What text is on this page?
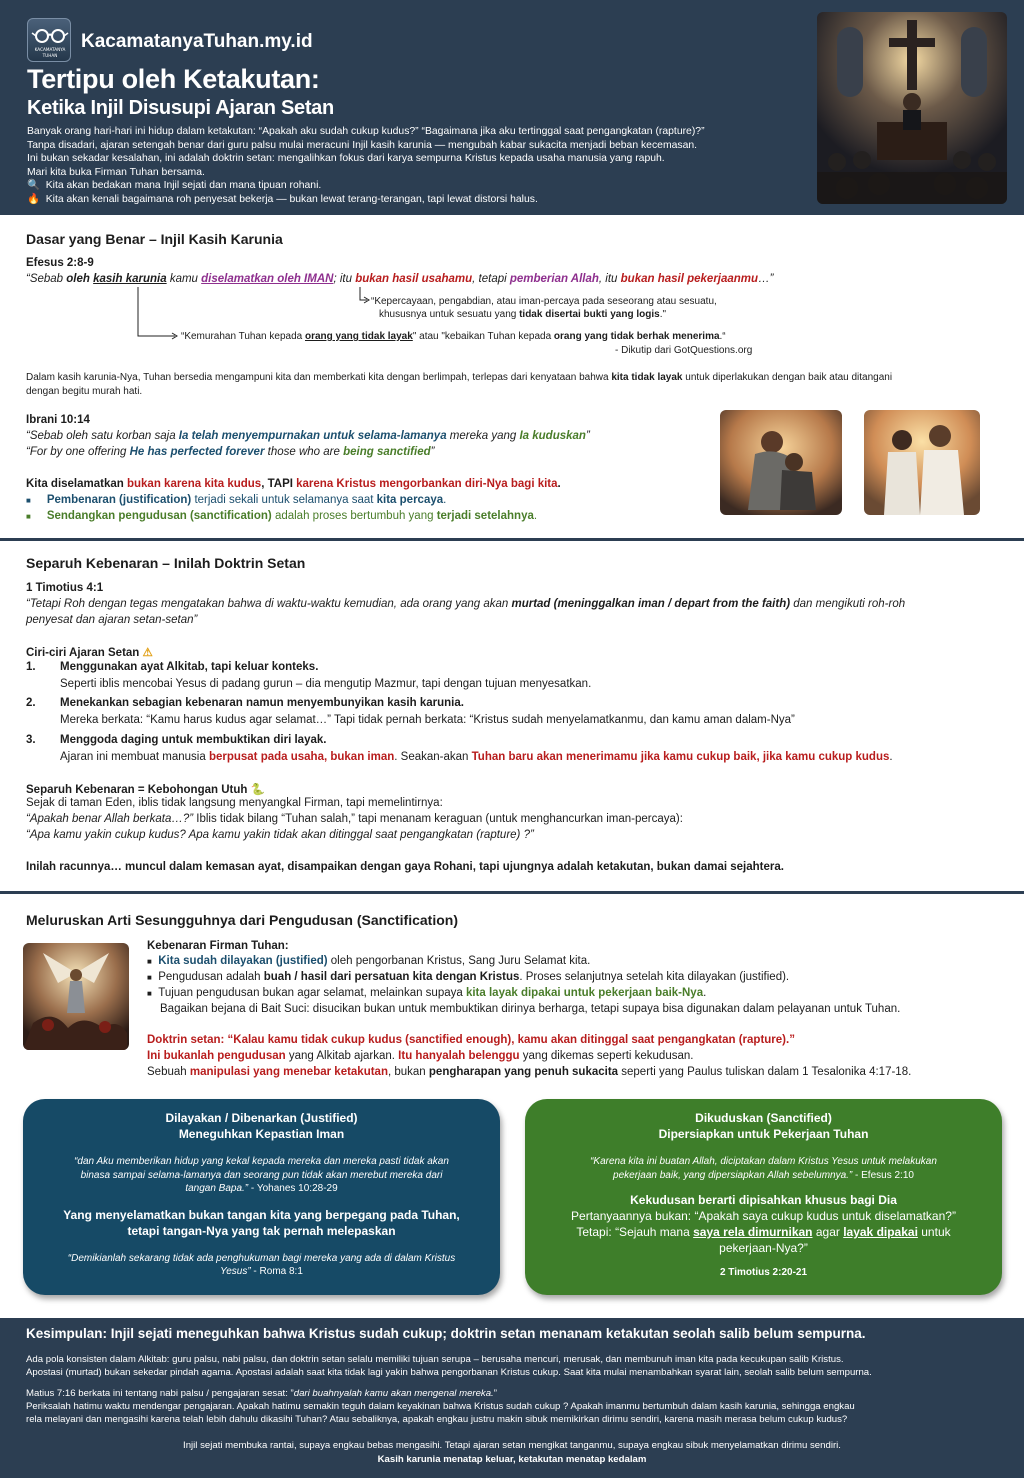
KACAMATANYA
TUHAN
KacamatanyaTuhan.my.id
Tertipu oleh Ketakutan:
Ketika Injil Disusupi Ajaran Setan
Banyak orang hari-hari ini hidup dalam ketakutan: “Apakah aku sudah cukup kudus?” “Bagaimana jika aku tertinggal saat pengangkatan (rapture)?”
Tanpa disadari, ajaran setengah benar dari guru palsu mulai meracuni Injil kasih karunia — mengubah kabar sukacita menjadi beban kecemasan.
Ini bukan sekadar kesalahan, ini adalah doktrin setan: mengalihkan fokus dari karya sempurna Kristus kepada usaha manusia yang rapuh.
Mari kita buka Firman Tuhan bersama.
🔍 Kita akan bedakan mana Injil sejati dan mana tipuan rohani.
🔥 Kita akan kenali bagaimana roh penyesat bekerja — bukan lewat terang-terangan, tapi lewat distorsi halus.
Dasar yang Benar – Injil Kasih Karunia
Efesus 2:8-9
“Sebab oleh kasih karunia kamu diselamatkan oleh IMAN; itu bukan hasil usahamu, tetapi pemberian Allah, itu bukan hasil pekerjaanmu…”
“Kepercayaan, pengabdian, atau iman-percaya pada seseorang atau sesuatu,
khususnya untuk sesuatu yang tidak disertai bukti yang logis."
“Kemurahan Tuhan kepada orang yang tidak layak" atau "kebaikan Tuhan kepada orang yang tidak berhak menerima.“
- Dikutip dari GotQuestions.org
Dalam kasih karunia-Nya, Tuhan bersedia mengampuni kita dan memberkati kita dengan berlimpah, terlepas dari kenyataan bahwa kita tidak layak untuk diperlakukan dengan baik atau ditangani
dengan begitu murah hati.
Ibrani 10:14
“Sebab oleh satu korban saja Ia telah menyempurnakan untuk selama-lamanya mereka yang Ia kuduskan”
“For by one offering He has perfected forever those who are being sanctified”
Kita diselamatkan bukan karena kita kudus, TAPI karena Kristus mengorbankan diri-Nya bagi kita.
■ Pembenaran (justification) terjadi sekali untuk selamanya saat kita percaya.
■ Sendangkan pengudusan (sanctification) adalah proses bertumbuh yang terjadi setelahnya.
Separuh Kebenaran – Inilah Doktrin Setan
1 Timotius 4:1
“Tetapi Roh dengan tegas mengatakan bahwa di waktu-waktu kemudian, ada orang yang akan murtad (meninggalkan iman / depart from the faith) dan mengikuti roh-roh
penyesat dan ajaran setan-setan”
Ciri-ciri Ajaran Setan ⚠
1. Menggunakan ayat Alkitab, tapi keluar konteks.
Seperti iblis mencobai Yesus di padang gurun – dia mengutip Mazmur, tapi dengan tujuan menyesatkan.
2. Menekankan sebagian kebenaran namun menyembunyikan kasih karunia.
Mereka berkata: “Kamu harus kudus agar selamat…” Tapi tidak pernah berkata: “Kristus sudah menyelamatkanmu, dan kamu aman dalam-Nya”
3. Menggoda daging untuk membuktikan diri layak.
Ajaran ini membuat manusia berpusat pada usaha, bukan iman. Seakan-akan Tuhan baru akan menerimamu jika kamu cukup baik, jika kamu cukup kudus.
Separuh Kebenaran = Kebohongan Utuh 🐍
Sejak di taman Eden, iblis tidak langsung menyangkal Firman, tapi memelintirnya:
“Apakah benar Allah berkata…?” Iblis tidak bilang “Tuhan salah,” tapi menanam keraguan (untuk menghancurkan iman-percaya):
“Apa kamu yakin cukup kudus? Apa kamu yakin tidak akan ditinggal saat pengangkatan (rapture) ?”
Inilah racunnya… muncul dalam kemasan ayat, disampaikan dengan gaya Rohani, tapi ujungnya adalah ketakutan, bukan damai sejahtera.
Meluruskan Arti Sesungguhnya dari Pengudusan (Sanctification)
Kebenaran Firman Tuhan:
■ Kita sudah dilayakan (justified) oleh pengorbanan Kristus, Sang Juru Selamat kita.
■ Pengudusan adalah buah / hasil dari persatuan kita dengan Kristus. Proses selanjutnya setelah kita dilayakan (justified).
■ Tujuan pengudusan bukan agar selamat, melainkan supaya kita layak dipakai untuk pekerjaan baik-Nya.
Bagaikan bejana di Bait Suci: disucikan bukan untuk membuktikan dirinya berharga, tetapi supaya bisa digunakan dalam pelayanan untuk Tuhan.
Doktrin setan: “Kalau kamu tidak cukup kudus (sanctified enough), kamu akan ditinggal saat pengangkatan (rapture).”
Ini bukanlah pengudusan yang Alkitab ajarkan. Itu hanyalah belenggu yang dikemas seperti kekudusan.
Sebuah manipulasi yang menebar ketakutan, bukan pengharapan yang penuh sukacita seperti yang Paulus tuliskan dalam 1 Tesalonika 4:17-18.
Dilayakan / Dibenarkan (Justified)
Meneguhkan Kepastian Iman
“dan Aku memberikan hidup yang kekal kepada mereka dan mereka pasti tidak akan
binasa sampai selama-lamanya dan seorang pun tidak akan merebut mereka dari
tangan Bapa.” - Yohanes 10:28-29
Yang menyelamatkan bukan tangan kita yang berpegang pada Tuhan,
tetapi tangan-Nya yang tak pernah melepaskan
“Demikianlah sekarang tidak ada penghukuman bagi mereka yang ada di dalam Kristus
Yesus” - Roma 8:1
Dikuduskan (Sanctified)
Dipersiapkan untuk Pekerjaan Tuhan
“Karena kita ini buatan Allah, diciptakan dalam Kristus Yesus untuk melakukan
pekerjaan baik, yang dipersiapkan Allah sebelumnya.” - Efesus 2:10
Kekudusan berarti dipisahkan khusus bagi Dia
Pertanyaannya bukan: “Apakah saya cukup kudus untuk diselamatkan?”
Tetapi: “Sejauh mana saya rela dimurnikan agar layak dipakai untuk
pekerjaan-Nya?”
2 Timotius 2:20-21
Kesimpulan: Injil sejati meneguhkan bahwa Kristus sudah cukup; doktrin setan menanam ketakutan seolah salib belum sempurna.
Ada pola konsisten dalam Alkitab: guru palsu, nabi palsu, dan doktrin setan selalu memiliki tujuan serupa – berusaha mencuri, merusak, dan membunuh iman kita pada kecukupan salib Kristus.
Apostasi (murtad) bukan sekedar pindah agama. Apostasi adalah saat kita tidak lagi yakin bahwa pengorbanan Kristus cukup. Saat kita mulai menambahkan syarat lain, seolah salib belum sempurna.
Matius 7:16 berkata ini tentang nabi palsu / pengajaran sesat: ”dari buahnyalah kamu akan mengenal mereka.”
Periksalah hatimu waktu mendengar pengajaran. Apakah hatimu semakin teguh dalam keyakinan bahwa Kristus sudah cukup ? Apakah imanmu bertumbuh dalam kasih karunia, sehingga engkau
rela melayani dan mengasihi karena telah lebih dahulu dikasihi Tuhan? Atau sebaliknya, apakah engkau justru makin sibuk memikirkan dirimu sendiri, karena masih merasa belum cukup kudus?
Injil sejati membuka rantai, supaya engkau bebas mengasihi. Tetapi ajaran setan mengikat tanganmu, supaya engkau sibuk menyelamatkan dirimu sendiri.
Kasih karunia menatap keluar, ketakutan menatap kedalam
